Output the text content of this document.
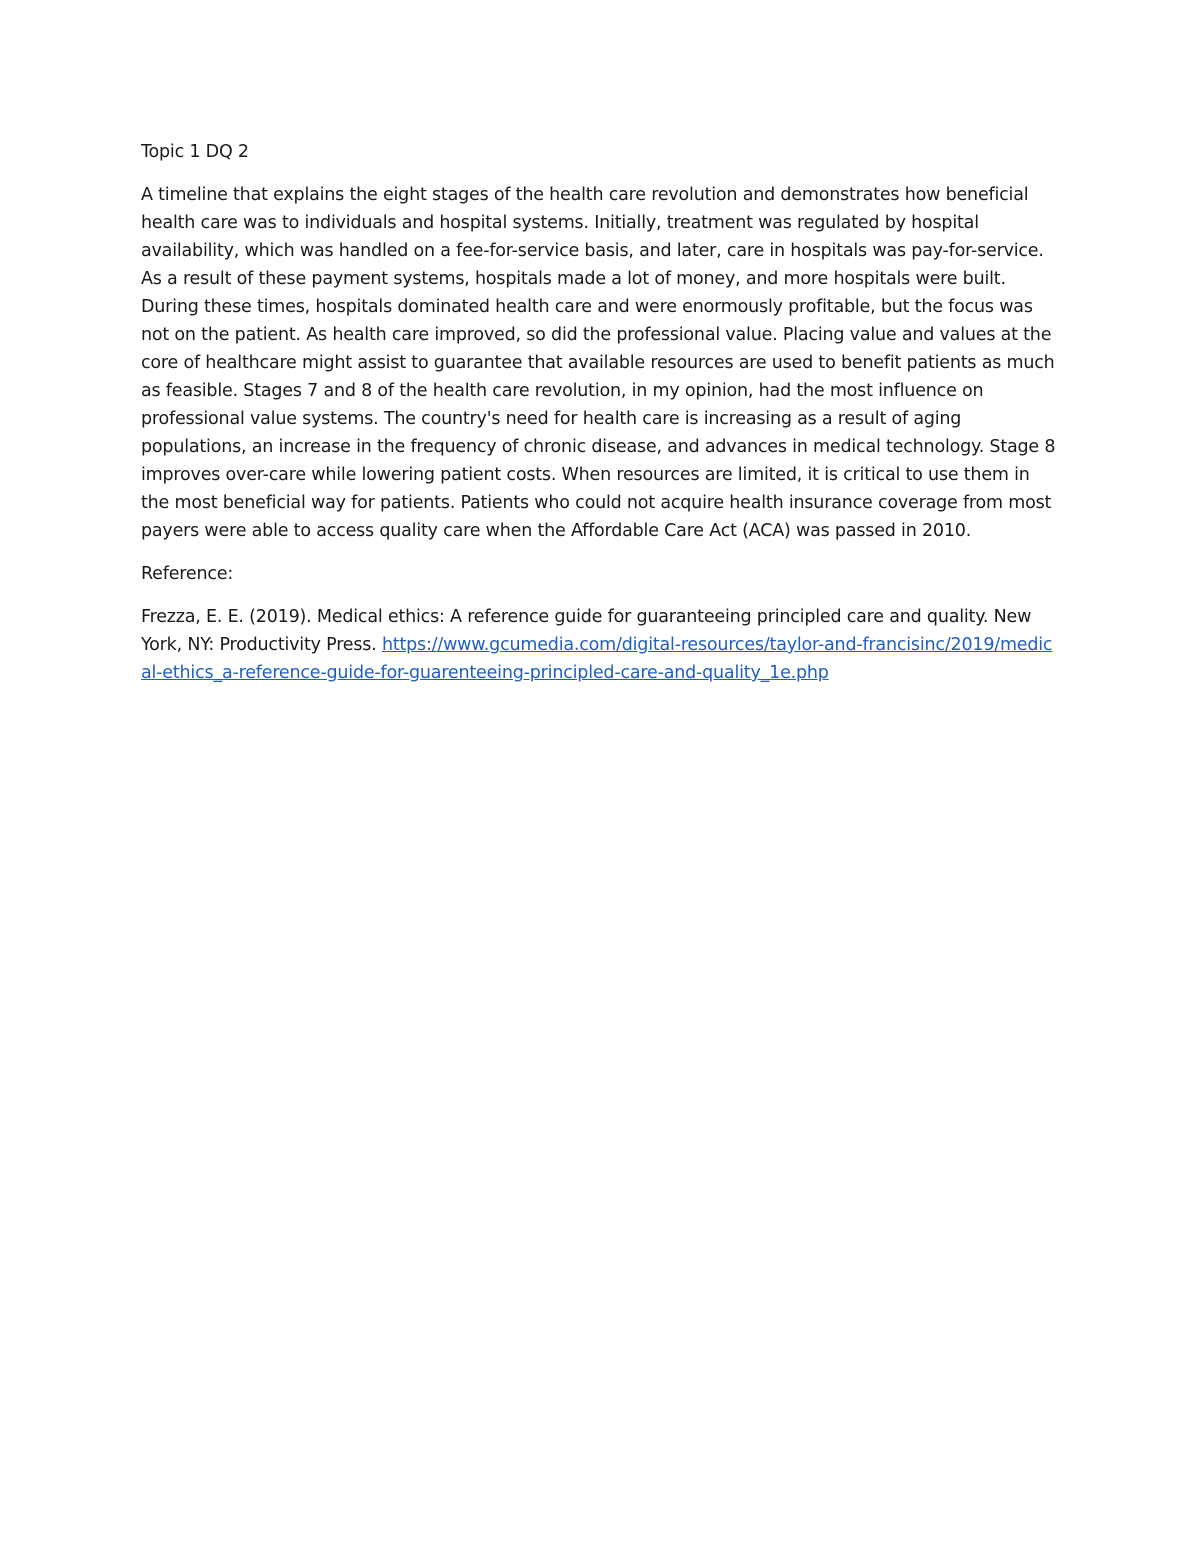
Topic 1 DQ 2

A timeline that explains the eight stages of the health care revolution and demonstrates how beneficial health care was to individuals and hospital systems. Initially, treatment was regulated by hospital availability, which was handled on a fee-for-service basis, and later, care in hospitals was pay-for-service. As a result of these payment systems, hospitals made a lot of money, and more hospitals were built. During these times, hospitals dominated health care and were enormously profitable, but the focus was not on the patient. As health care improved, so did the professional value. Placing value and values at the core of healthcare might assist to guarantee that available resources are used to benefit patients as much as feasible. Stages 7 and 8 of the health care revolution, in my opinion, had the most influence on professional value systems. The country's need for health care is increasing as a result of aging populations, an increase in the frequency of chronic disease, and advances in medical technology. Stage 8 improves over-care while lowering patient costs. When resources are limited, it is critical to use them in the most beneficial way for patients. Patients who could not acquire health insurance coverage from most payers were able to access quality care when the Affordable Care Act (ACA) was passed in 2010.

Reference:

Frezza, E. E. (2019). Medical ethics: A reference guide for guaranteeing principled care and quality. New York, NY: Productivity Press. https://www.gcumedia.com/digital-resources/taylor-and-francisinc/2019/medical-ethics_a-reference-guide-for-guarenteeing-principled-care-and-quality_1e.php
